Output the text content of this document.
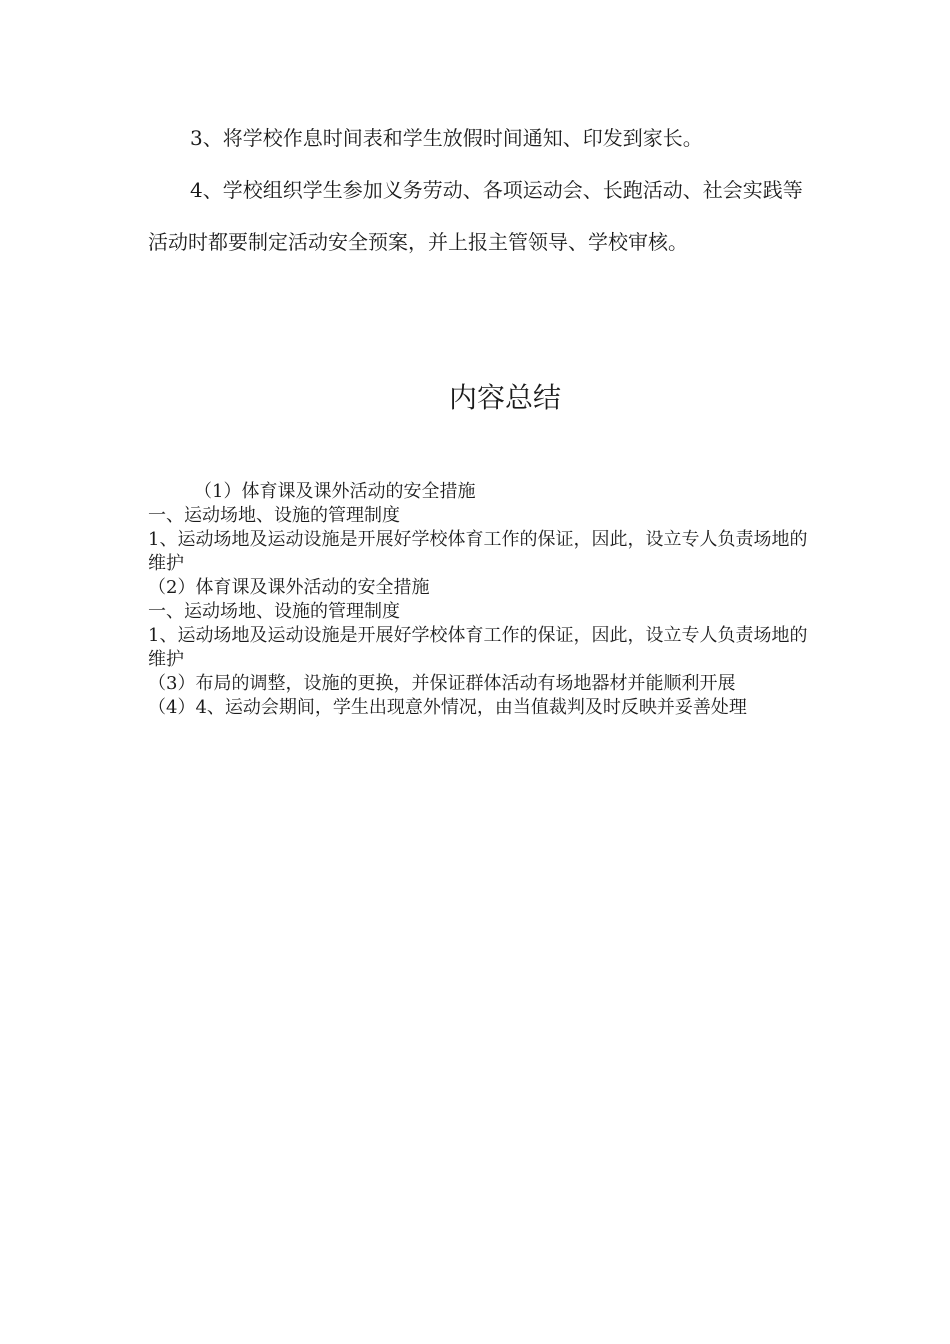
3、将学校作息时间表和学生放假时间通知、印发到家长。

4、学校组织学生参加义务劳动、各项运动会、长跑活动、社会实践等活动时都要制定活动安全预案，并上报主管领导、学校审核。

内容总结

（1）体育课及课外活动的安全措施

一、运动场地、设施的管理制度

1、运动场地及运动设施是开展好学校体育工作的保证，因此，设立专人负责场地的维护

（2）体育课及课外活动的安全措施

一、运动场地、设施的管理制度

1、运动场地及运动设施是开展好学校体育工作的保证，因此，设立专人负责场地的维护

（3）布局的调整，设施的更换，并保证群体活动有场地器材并能顺利开展

（4）4、运动会期间，学生出现意外情况，由当值裁判及时反映并妥善处理
